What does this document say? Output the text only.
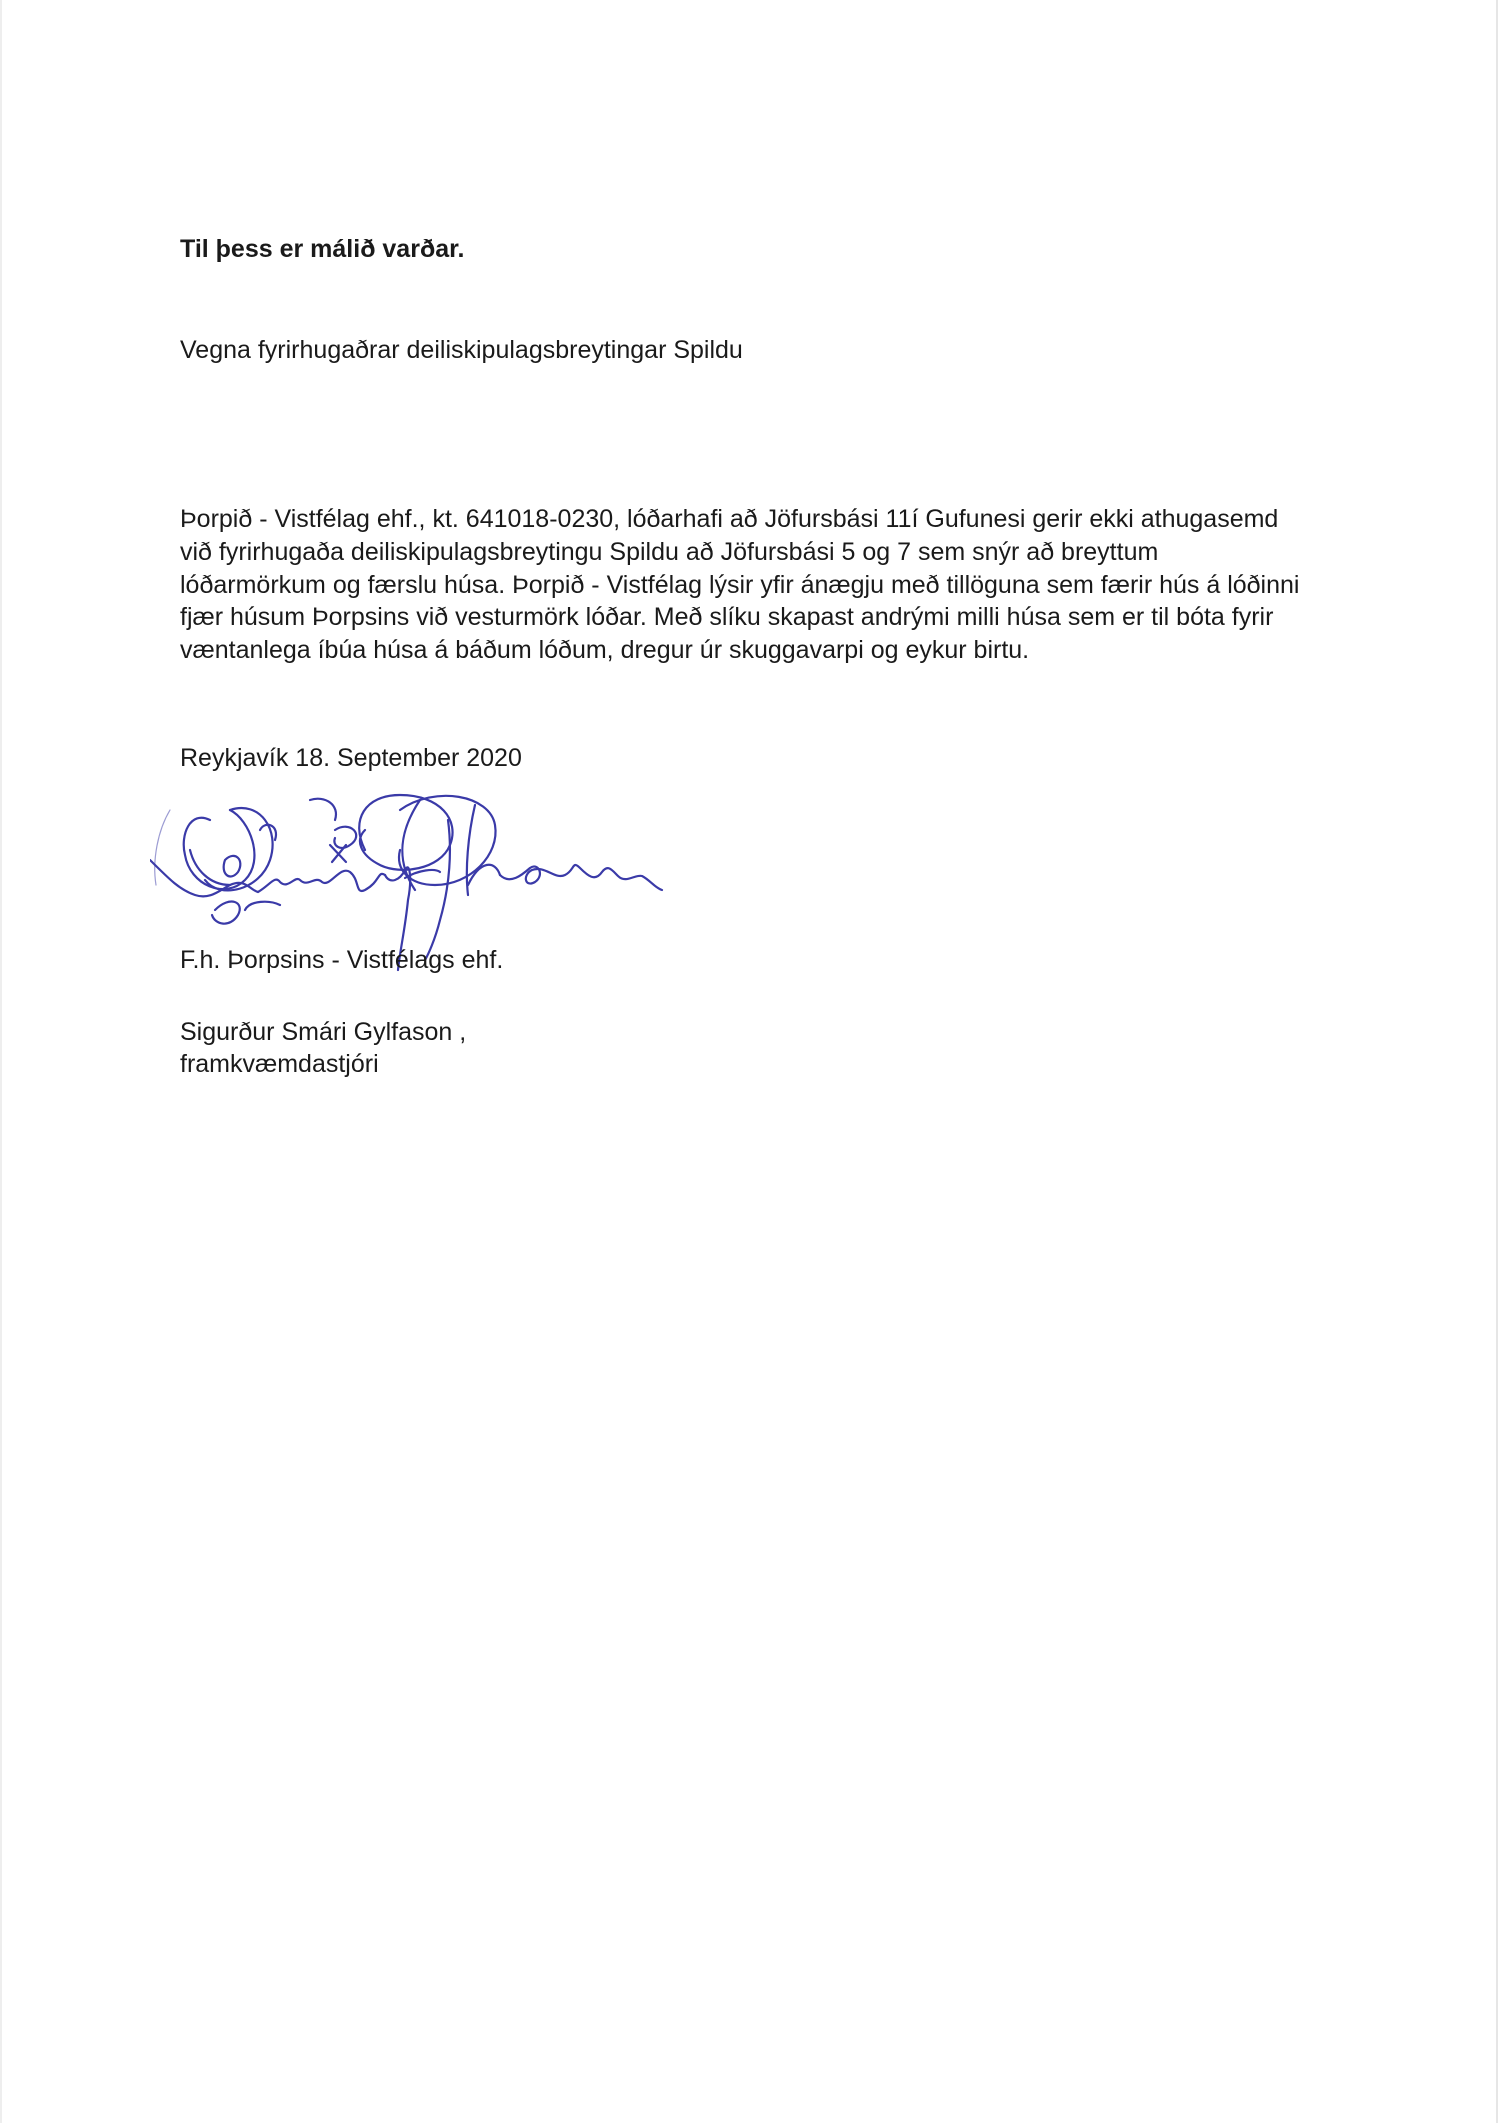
Til þess er málið varðar.
Vegna fyrirhugaðrar deiliskipulagsbreytingar Spildu
Þorpið - Vistfélag ehf., kt. 641018-0230, lóðarhafi að Jöfursbási 11í Gufunesi gerir ekki athugasemd
við fyrirhugaða deiliskipulagsbreytingu Spildu að Jöfursbási 5 og 7 sem snýr að breyttum
lóðarmörkum og færslu húsa. Þorpið - Vistfélag lýsir yfir ánægju með tillöguna sem færir hús á lóðinni
fjær húsum Þorpsins við vesturmörk lóðar. Með slíku skapast andrými milli húsa sem er til bóta fyrir
væntanlega íbúa húsa á báðum lóðum, dregur úr skuggavarpi og eykur birtu.
Reykjavík 18. September 2020
F.h. Þorpsins - Vistfélags ehf.
Sigurður Smári Gylfason ,
framkvæmdastjóri
